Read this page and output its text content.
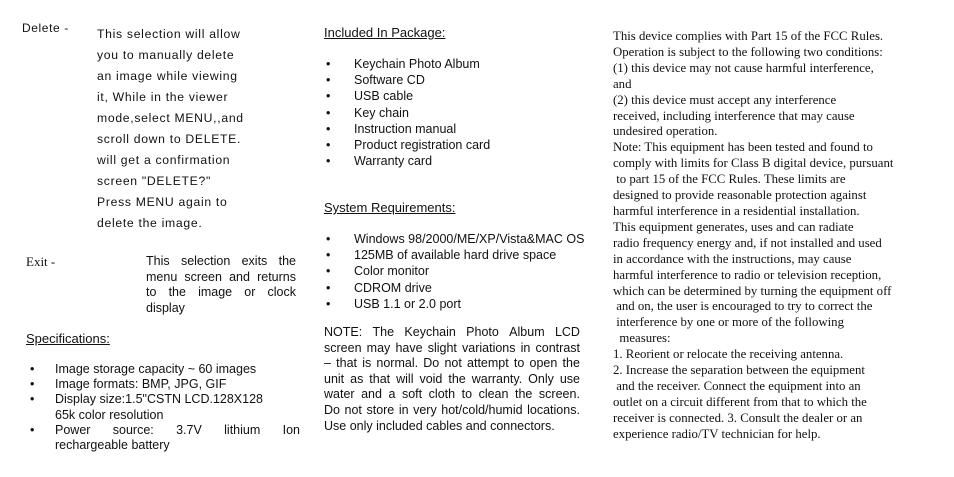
Delete - This selection will allow
you to manually delete
an image while viewing
it, While in the viewer
mode,select MENU,,and
scroll down to DELETE.
will get a confirmation
screen "DELETE?"
Press MENU again to
delete the image.
Exit -	This selection exits the
menu screen and returns
to the image or clock
display
Specifications:
•	Image storage capacity ~ 60 images
•	Image formats: BMP, JPG, GIF
•	Display size:1.5"CSTN LCD.128X128
65k color resolution
•	Power source: 3.7V lithium Ion
rechargeable battery
Included In Package:
•	Keychain Photo Album
•	Software CD
•	USB cable
•	Key chain
•	Instruction manual
•	Product registration card
•	Warranty card
System Requirements:
•	Windows 98/2000/ME/XP/Vista&MAC OS
•	125MB of available hard drive space
•	Color monitor
•	CDROM drive
•	USB 1.1 or 2.0 port
NOTE: The Keychain Photo Album LCD
screen may have slight variations in contrast
– that is normal. Do not attempt to open the
unit as that will void the warranty. Only use
water and a soft cloth to clean the screen.
Do not store in very hot/cold/humid locations.
Use only included cables and connectors.
This device complies with Part 15 of the FCC Rules.
Operation is subject to the following two conditions:
(1) this device may not cause harmful interference,
and
(2) this device must accept any interference
received, including interference that may cause
undesired operation.
Note: This equipment has been tested and found to
comply with limits for Class B digital device, pursuant
to part 15 of the FCC Rules. These limits are
designed to provide reasonable protection against
harmful interference in a residential installation.
This equipment generates, uses and can radiate
radio frequency energy and, if not installed and used
in accordance with the instructions, may cause
harmful interference to radio or television reception,
which can be determined by turning the equipment off
and on, the user is encouraged to try to correct the
interference by one or more of the following
measures:
1. Reorient or relocate the receiving antenna.
2. Increase the separation between the equipment
and the receiver. Connect the equipment into an
outlet on a circuit different from that to which the
receiver is connected. 3. Consult the dealer or an
experience radio/TV technician for help.
